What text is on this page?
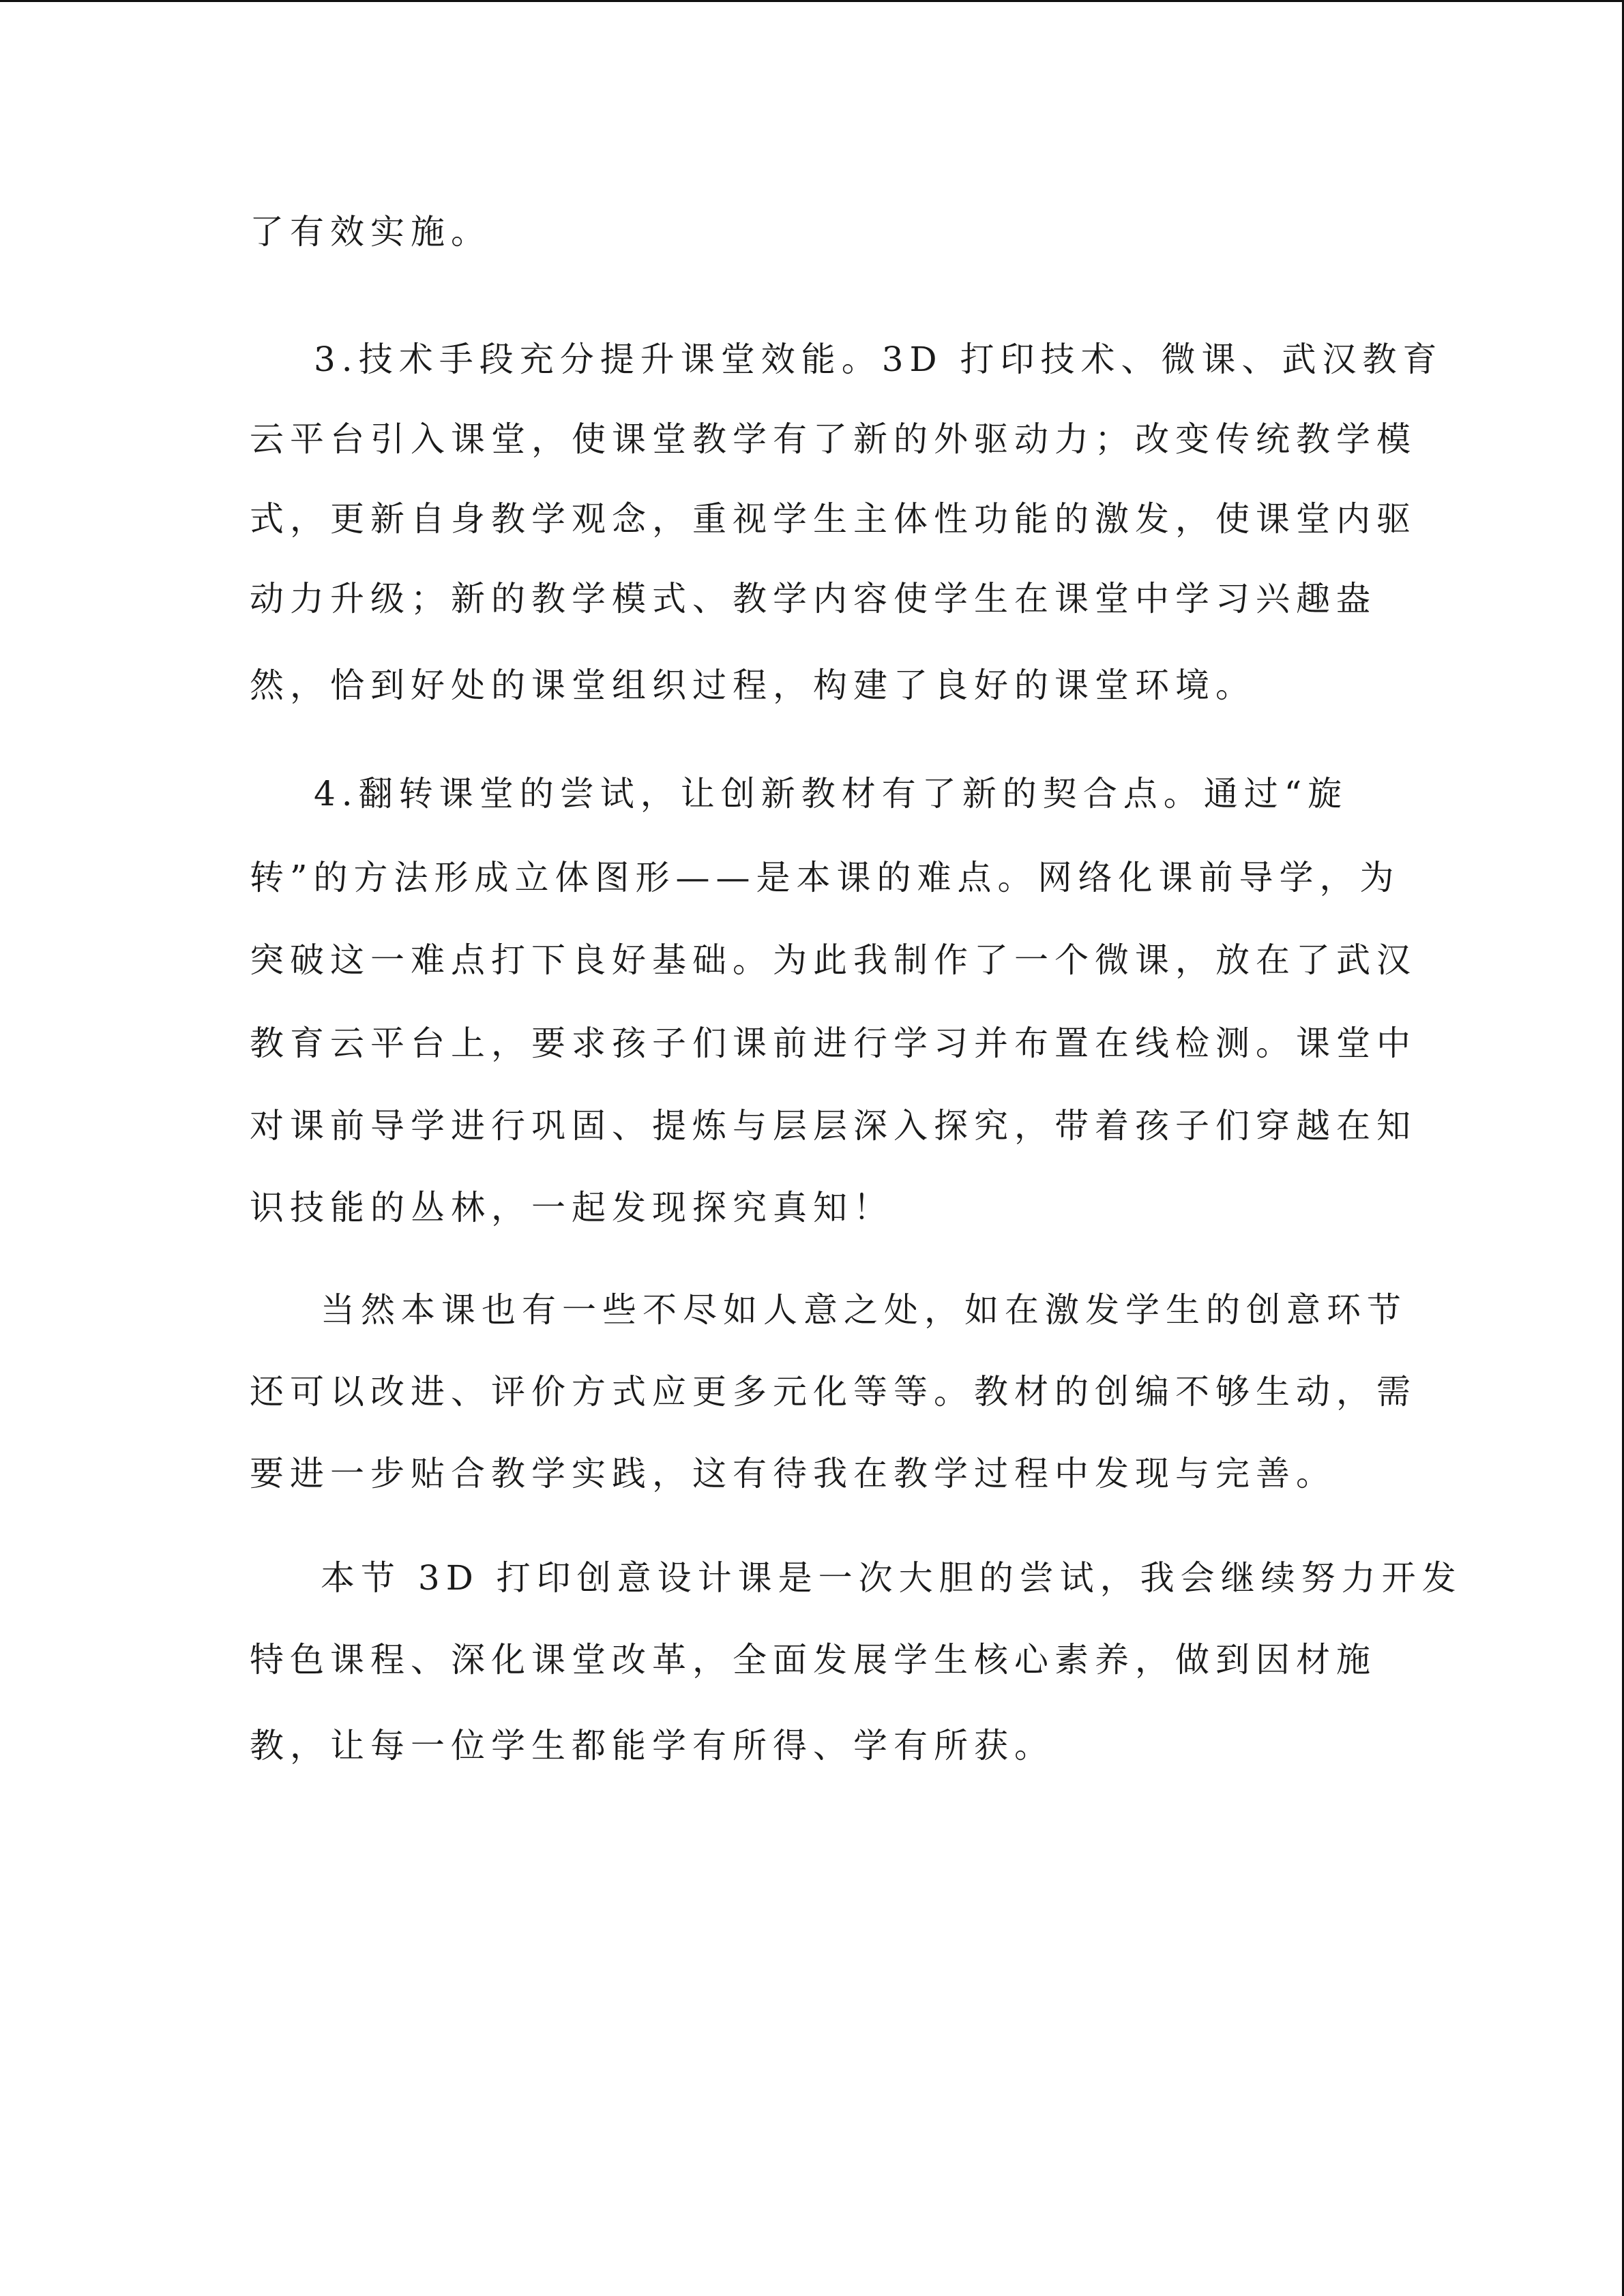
了有效实施。
3.技术手段充分提升课堂效能。3D 打印技术、微课、武汉教育
云平台引入课堂，使课堂教学有了新的外驱动力；改变传统教学模
式，更新自身教学观念，重视学生主体性功能的激发，使课堂内驱
动力升级；新的教学模式、教学内容使学生在课堂中学习兴趣盎
然，恰到好处的课堂组织过程，构建了良好的课堂环境。
4.翻转课堂的尝试，让创新教材有了新的契合点。通过“旋
转”的方法形成立体图形——是本课的难点。网络化课前导学，为
突破这一难点打下良好基础。为此我制作了一个微课，放在了武汉
教育云平台上，要求孩子们课前进行学习并布置在线检测。课堂中
对课前导学进行巩固、提炼与层层深入探究，带着孩子们穿越在知
识技能的丛林，一起发现探究真知！
当然本课也有一些不尽如人意之处，如在激发学生的创意环节
还可以改进、评价方式应更多元化等等。教材的创编不够生动，需
要进一步贴合教学实践，这有待我在教学过程中发现与完善。
本节 3D 打印创意设计课是一次大胆的尝试，我会继续努力开发
特色课程、深化课堂改革，全面发展学生核心素养，做到因材施
教，让每一位学生都能学有所得、学有所获。
